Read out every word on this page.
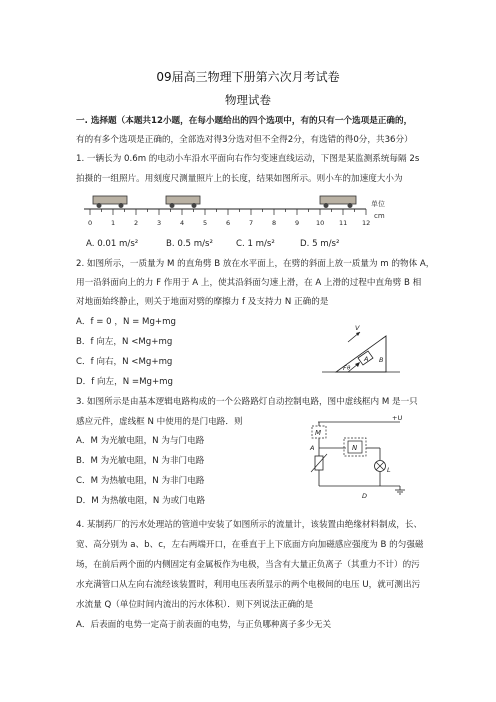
09届高三物理下册第六次月考试卷
物理试卷
一. 选择题（本题共12小题，在每小题给出的四个选项中，有的只有一个选项是正确的，
有的有多个选项是正确的，全部选对得3分选对但不全得2分，有选错的得0分，共36分）
1. 一辆长为 0.6m 的电动小车沿水平面向右作匀变速直线运动，下图是某监测系统每隔 2s
拍摄的一组照片。用刻度尺测量照片上的长度，结果如图所示。则小车的加速度大小为
0	1	2	3	4	5	6	7	8	9	10 11 12
单位
cm
A. 0.01 m/s²	B. 0.5 m/s²	C. 1 m/s²	D. 5 m/s²
2. 如图所示，一质量为 M 的直角劈 B 放在水平面上，在劈的斜面上放一质量为 m 的物体 A，
用一沿斜面向上的力 F 作用于 A 上，使其沿斜面匀速上滑，在 A 上滑的过程中直角劈 B 相
对地面始终静止，则关于地面对劈的摩擦力 f 及支持力 N 正确的是
A．f = 0 ，N = Mg+mg
B．f 向左，N <Mg+mg
C．f 向右，N <Mg+mg
D．f 向左，N =Mg+mg
V
A B
F θ
3. 如图所示是由基本逻辑电路构成的一个公路路灯自动控制电路，图中虚线框内 M 是一只
感应元件，虚线框 N 中使用的是门电路．则
A．M 为光敏电阻，N 为与门电路
B．M 为光敏电阻，N 为非门电路
C．M 为热敏电阻，N 为非门电路
D．M 为热敏电阻，N 为或门电路
+U
M
A	N
L
D
4. 某制药厂的污水处理站的管道中安装了如图所示的流量计，该装置由绝缘材料制成，长、
宽、高分别为 a、b、c，左右两端开口，在垂直于上下底面方向加磁感应强度为 B 的匀强磁
场，在前后两个面的内侧固定有金属板作为电极，当含有大量正负离子（其重力不计）的污
水充满管口从左向右流经该装置时，利用电压表所显示的两个电极间的电压 U，就可测出污
水流量 Q（单位时间内流出的污水体积）．则下列说法正确的是
A．后表面的电势一定高于前表面的电势，与正负哪种离子多少无关
